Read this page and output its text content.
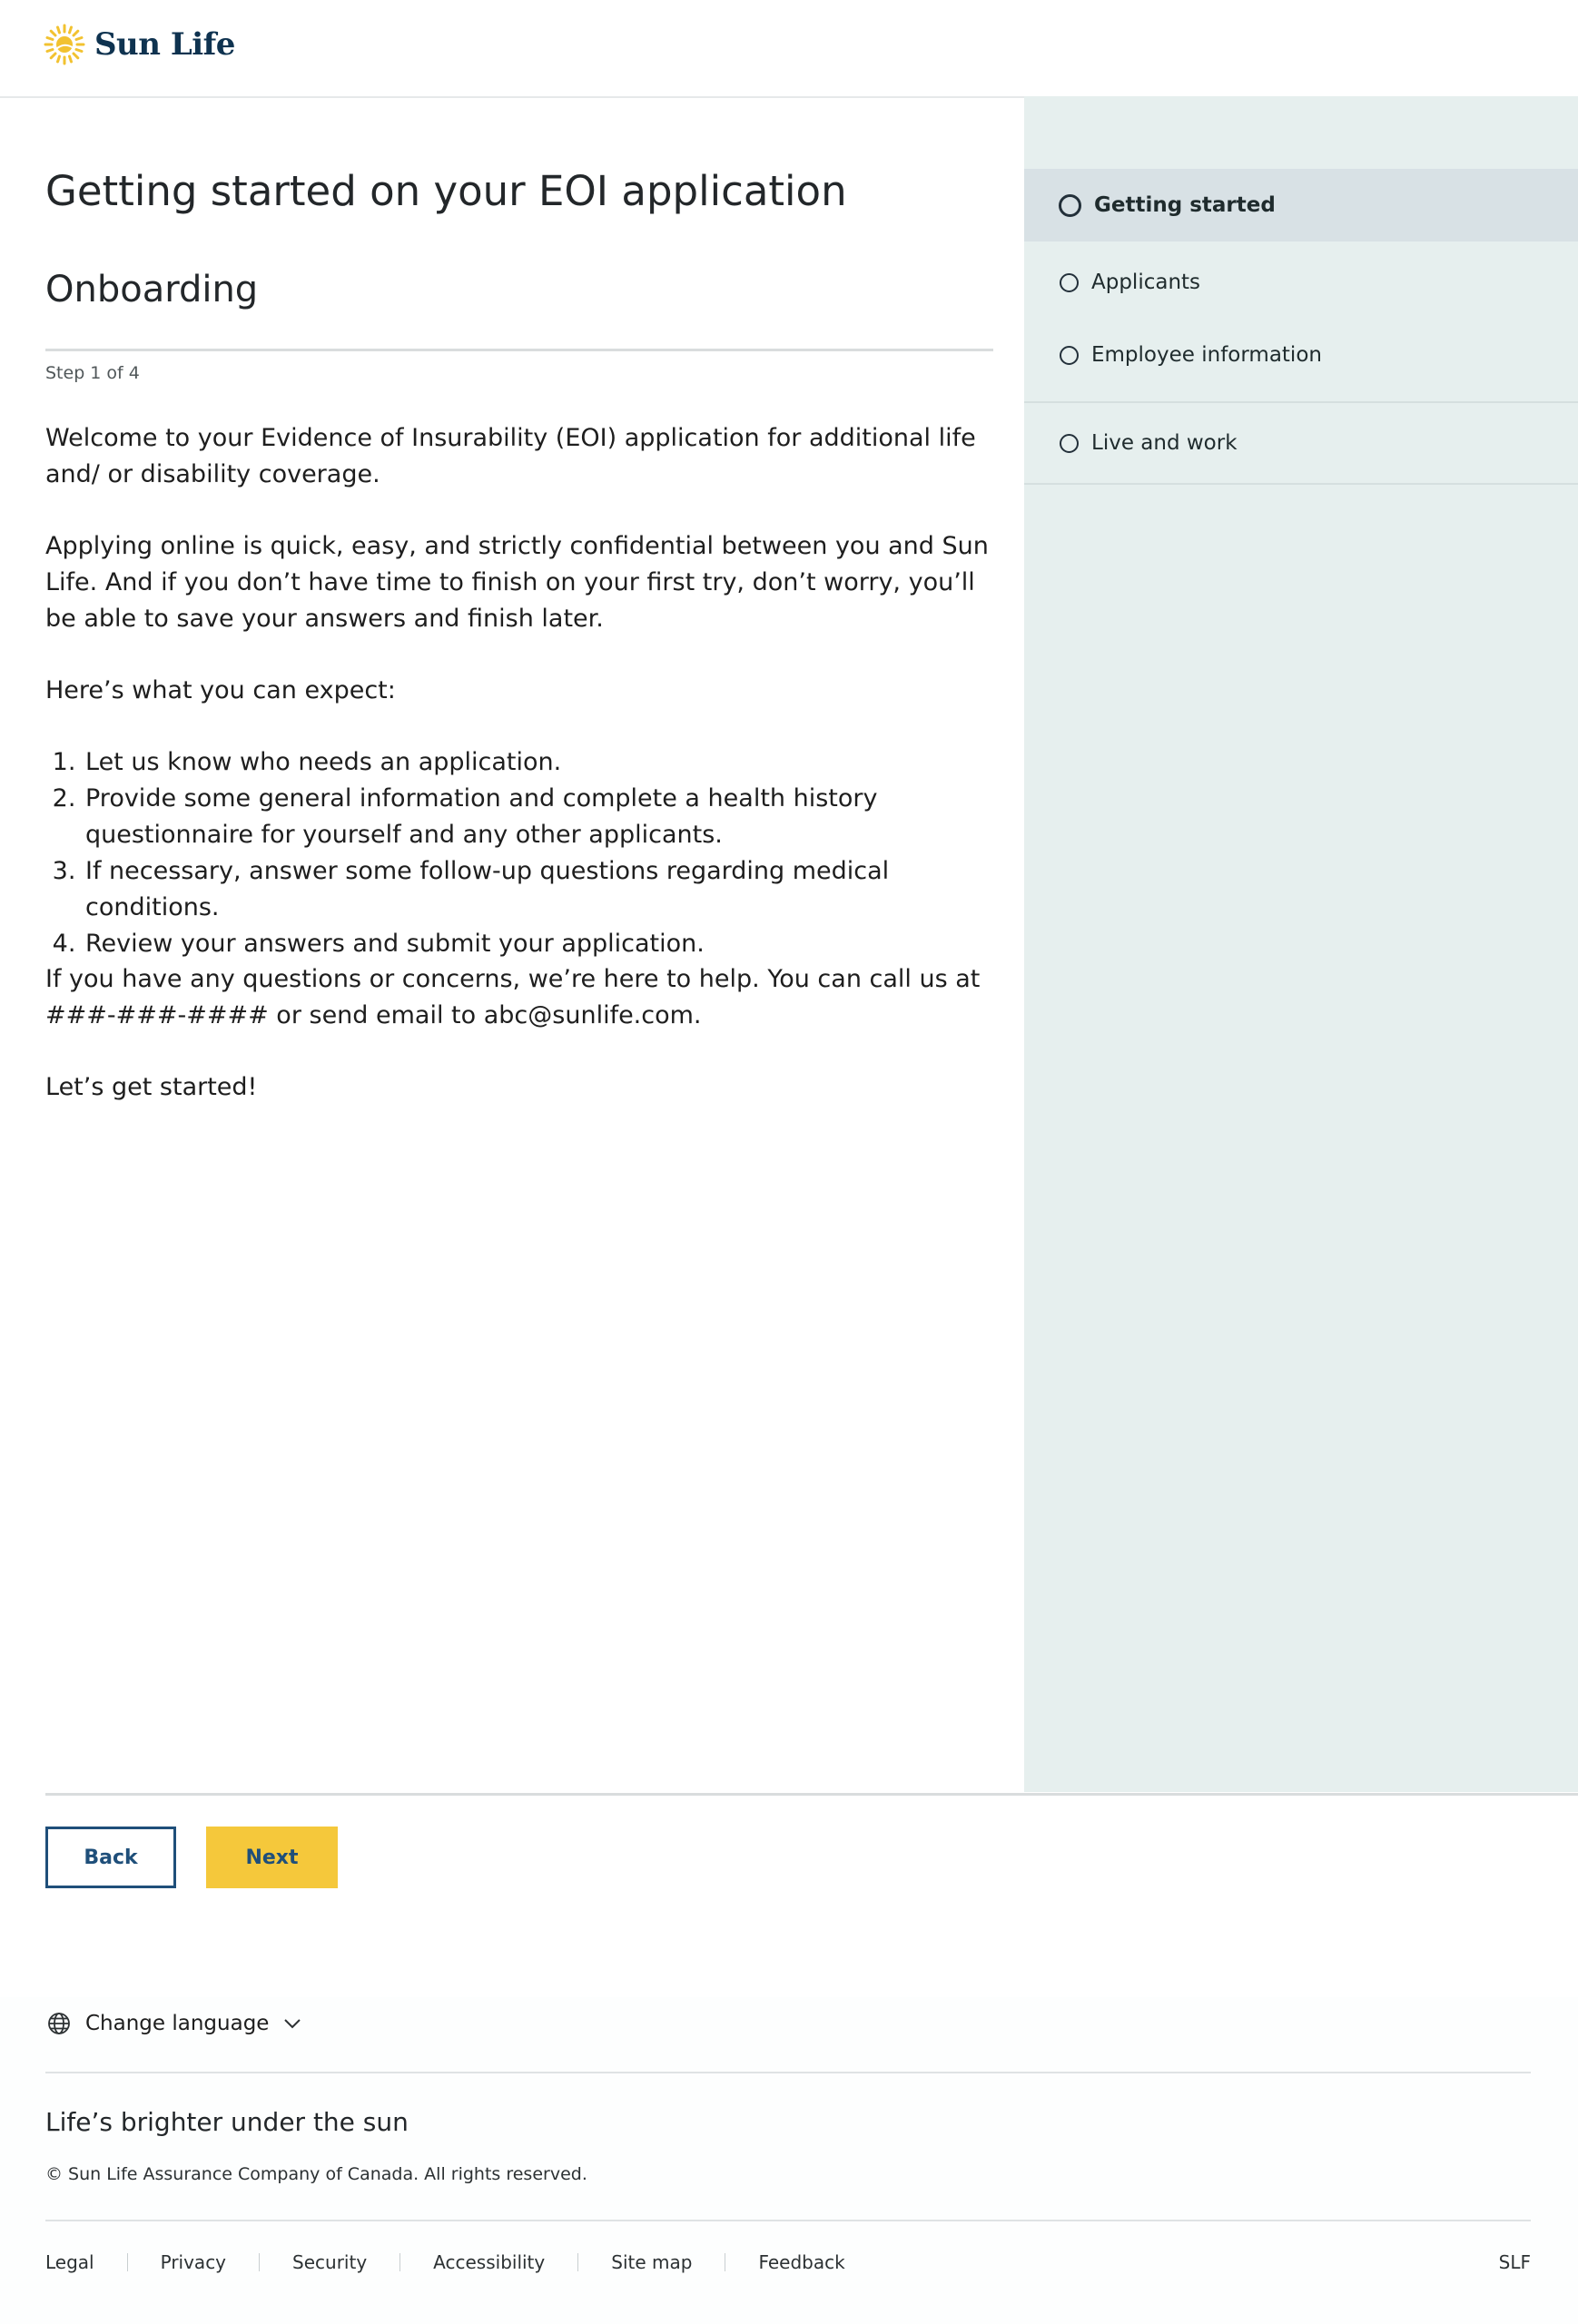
Sun Life
Getting started
Applicants
Employee information
Live and work
Getting started on your EOI application
Onboarding
Step 1 of 4

Welcome to your Evidence of Insurability (EOI) application for additional life and/ or disability coverage.

Applying online is quick, easy, and strictly confidential between you and Sun Life. And if you don’t have time to finish on your first try, don’t worry, you’ll be able to save your answers and finish later.

Here’s what you can expect:

1. Let us know who needs an application.
2. Provide some general information and complete a health history questionnaire for yourself and any other applicants.
3. If necessary, answer some follow-up questions regarding medical conditions.
4. Review your answers and submit your application.

If you have any questions or concerns, we’re here to help. You can call us at ###-###-#### or send email to abc@sunlife.com.

Let’s get started!

Back	Next
Change language
Life’s brighter under the sun
© Sun Life Assurance Company of Canada. All rights reserved.
Legal	Privacy	Security	Accessibility	Site map	Feedback	SLF
